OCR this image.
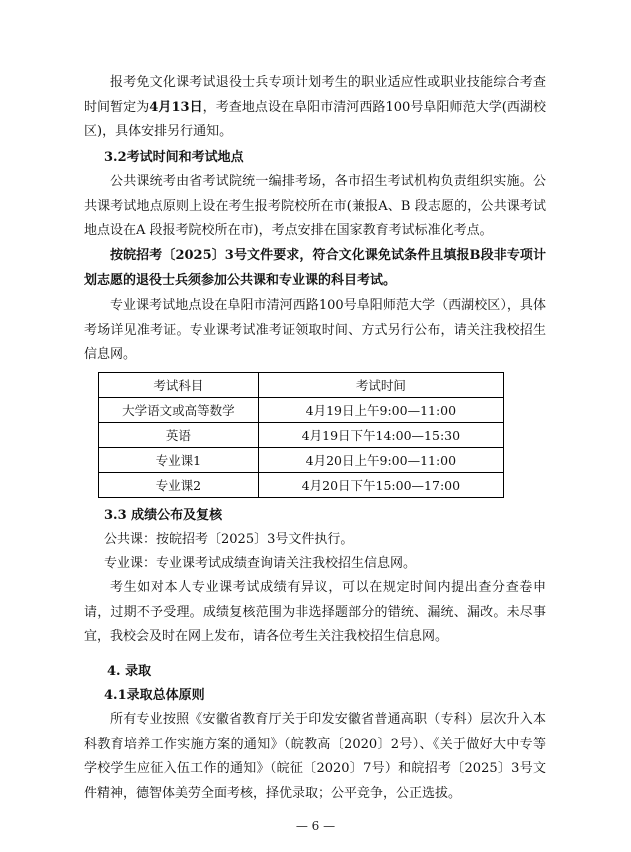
报考免文化课考试退役士兵专项计划考生的职业适应性或职业技能综合考查时间暂定为4月13日，考查地点设在阜阳市清河西路100号阜阳师范大学(西湖校区)，具体安排另行通知。
3.2考试时间和考试地点
公共课统考由省考试院统一编排考场，各市招生考试机构负责组织实施。公共课考试地点原则上设在考生报考院校所在市(兼报A、B 段志愿的，公共课考试地点设在A 段报考院校所在市)，考点安排在国家教育考试标准化考点。
按皖招考〔2025〕3号文件要求，符合文化课免试条件且填报B段非专项计划志愿的退役士兵须参加公共课和专业课的科目考试。
专业课考试地点设在阜阳市清河西路100号阜阳师范大学（西湖校区），具体考场详见准考证。专业课考试准考证领取时间、方式另行公布，请关注我校招生信息网。
考试科目	考试时间
大学语文或高等数学	4月19日上午9:00—11:00
英语	4月19日下午14:00—15:30
专业课1	4月20日上午9:00—11:00
专业课2	4月20日下午15:00—17:00
3.3 成绩公布及复核
公共课：按皖招考〔2025〕3号文件执行。
专业课：专业课考试成绩查询请关注我校招生信息网。
考生如对本人专业课考试成绩有异议，可以在规定时间内提出查分查卷申请，过期不予受理。成绩复核范围为非选择题部分的错统、漏统、漏改。未尽事宜，我校会及时在网上发布，请各位考生关注我校招生信息网。
4. 录取
4.1录取总体原则
所有专业按照《安徽省教育厅关于印发安徽省普通高职（专科）层次升入本科教育培养工作实施方案的通知》（皖教高〔2020〕2号）、《关于做好大中专等学校学生应征入伍工作的通知》（皖征〔2020〕7号）和皖招考〔2025〕3号文件精神，德智体美劳全面考核，择优录取；公平竞争，公正选拔。
— 6 —
